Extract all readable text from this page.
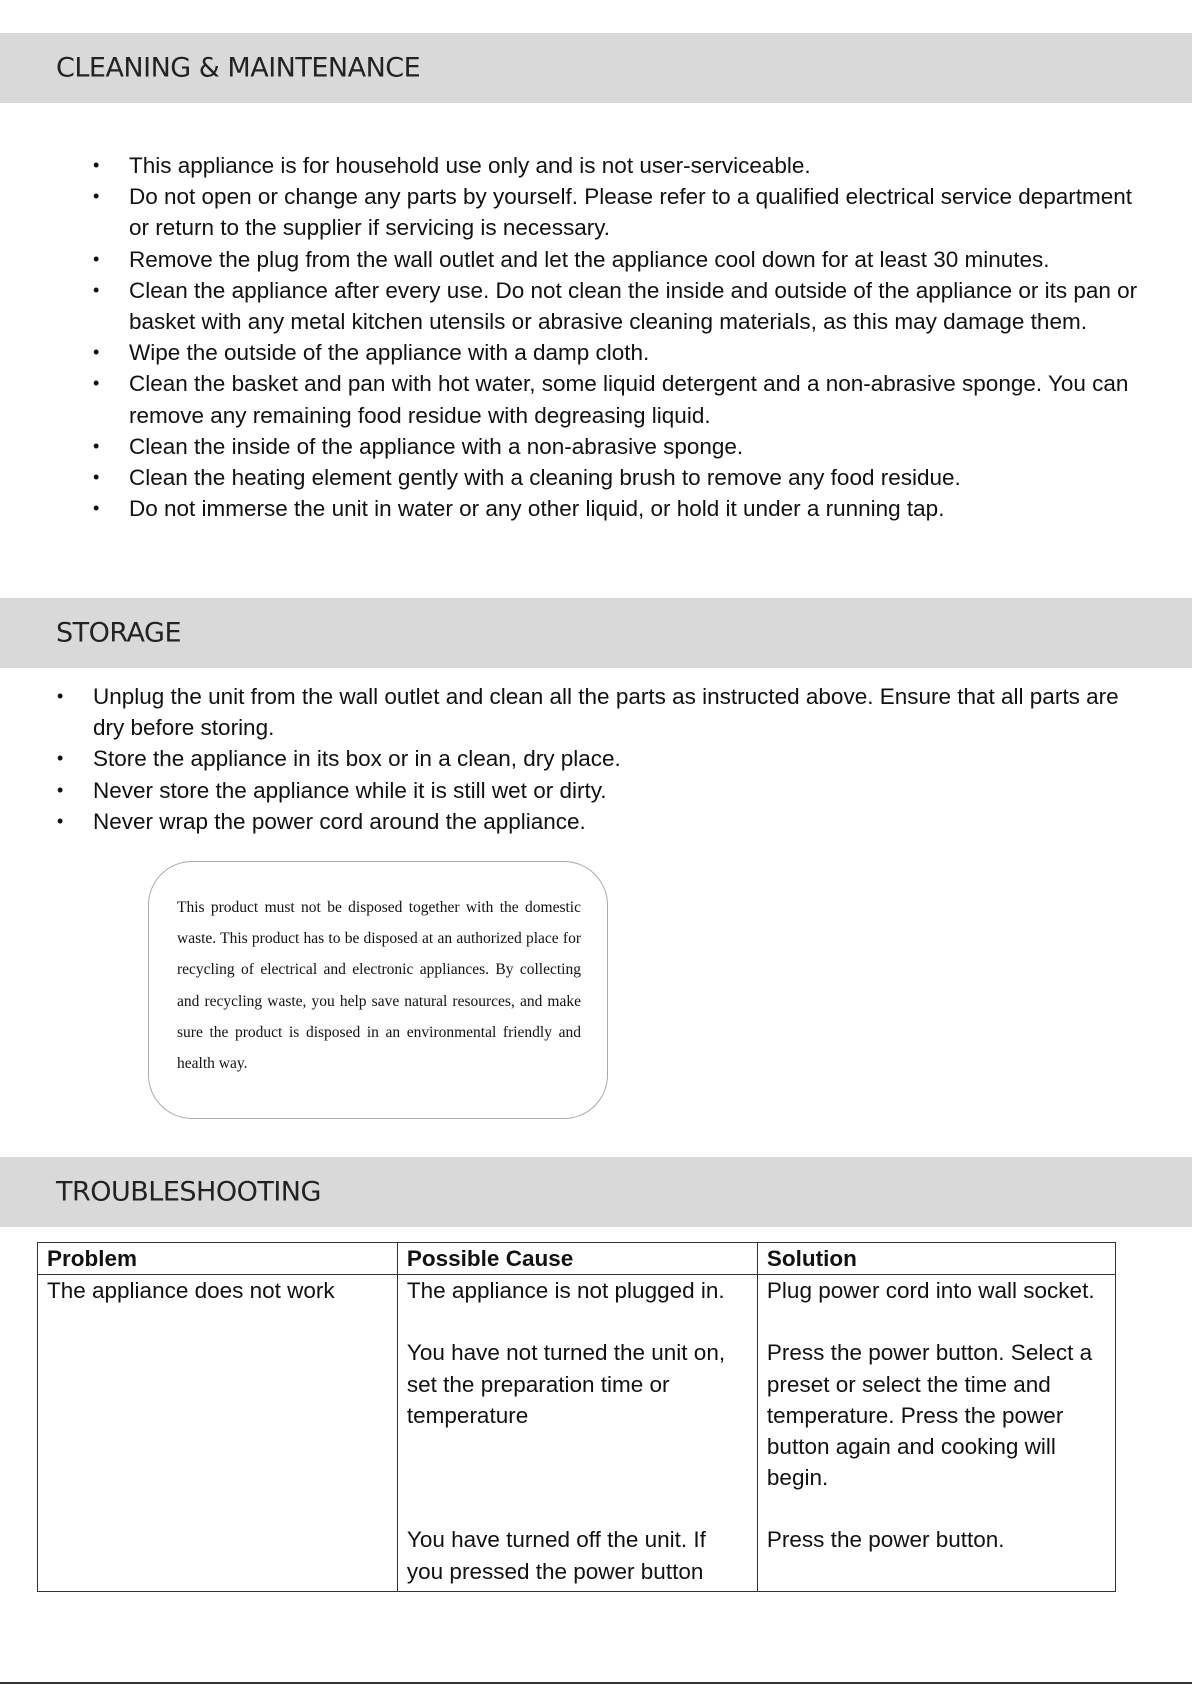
CLEANING & MAINTENANCE
• This appliance is for household use only and is not user-serviceable.
• Do not open or change any parts by yourself. Please refer to a qualified electrical service department or return to the supplier if servicing is necessary.
• Remove the plug from the wall outlet and let the appliance cool down for at least 30 minutes.
• Clean the appliance after every use. Do not clean the inside and outside of the appliance or its pan or basket with any metal kitchen utensils or abrasive cleaning materials, as this may damage them.
• Wipe the outside of the appliance with a damp cloth.
• Clean the basket and pan with hot water, some liquid detergent and a non-abrasive sponge. You can remove any remaining food residue with degreasing liquid.
• Clean the inside of the appliance with a non-abrasive sponge.
• Clean the heating element gently with a cleaning brush to remove any food residue.
• Do not immerse the unit in water or any other liquid, or hold it under a running tap.
STORAGE
• Unplug the unit from the wall outlet and clean all the parts as instructed above. Ensure that all parts are dry before storing.
• Store the appliance in its box or in a clean, dry place.
• Never store the appliance while it is still wet or dirty.
• Never wrap the power cord around the appliance.

This product must not be disposed together with the domestic waste. This product has to be disposed at an authorized place for recycling of electrical and electronic appliances. By collecting and recycling waste, you help save natural resources, and make sure the product is disposed in an environmental friendly and health way.

TROUBLESHOOTING
Problem	Possible Cause	Solution
The appliance does not work	The appliance is not plugged in.	Plug power cord into wall socket.
	You have not turned the unit on, set the preparation time or temperature	Press the power button. Select a preset or select the time and temperature. Press the power button again and cooking will begin.
	You have turned off the unit. If you pressed the power button	Press the power button.
